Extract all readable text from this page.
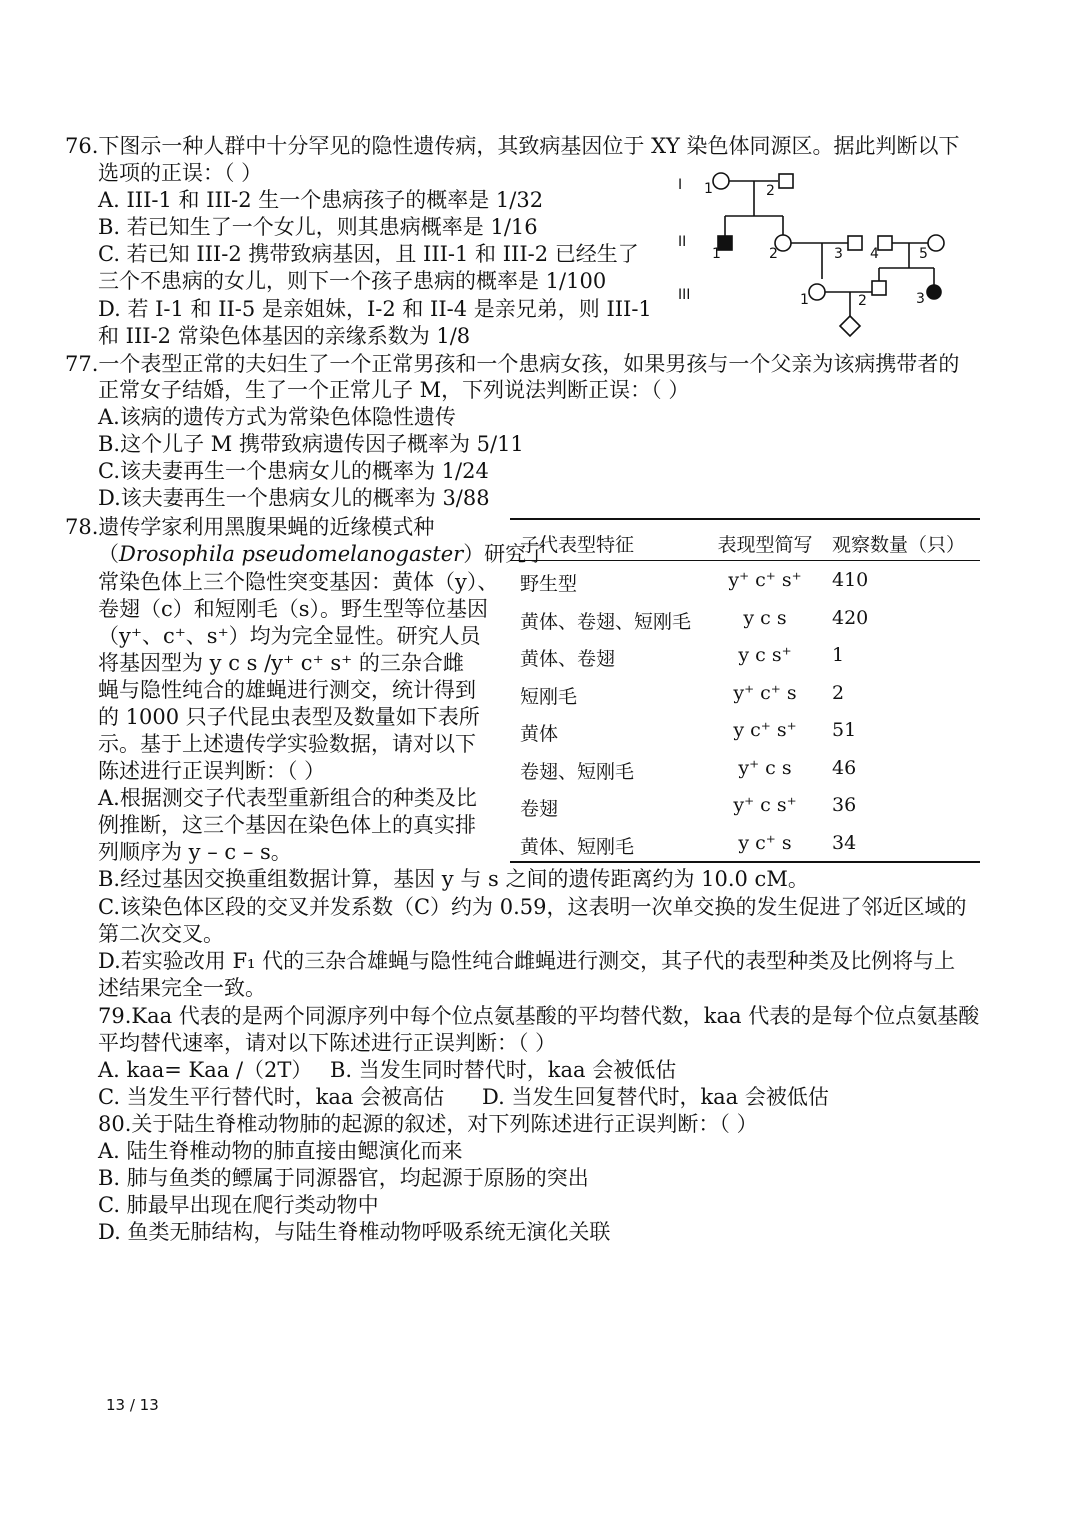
76.下图示一种人群中十分罕见的隐性遗传病，其致病基因位于 XY 染色体同源区。据此判断以下
选项的正误：（ ）
A. III-1 和 III-2 生一个患病孩子的概率是 1/32
B. 若已知生了一个女儿，则其患病概率是 1/16
C. 若已知 III-2 携带致病基因，且 III-1 和 III-2 已经生了
三个不患病的女儿，则下一个孩子患病的概率是 1/100
D. 若 I-1 和 II-5 是亲姐妹，I-2 和 II-4 是亲兄弟，则 III-1
和 III-2 常染色体基因的亲缘系数为 1/8
I
II
III
1	2
1	2	3 4	5
1	2	3
77.一个表型正常的夫妇生了一个正常男孩和一个患病女孩，如果男孩与一个父亲为该病携带者的
正常女子结婚，生了一个正常儿子 M，下列说法判断正误：（ ）
A.该病的遗传方式为常染色体隐性遗传
B.这个儿子 M 携带致病遗传因子概率为 5/11
C.该夫妻再生一个患病女儿的概率为 1/24
D.该夫妻再生一个患病女儿的概率为 3/88
78.遗传学家利用黑腹果蝇的近缘模式种
（Drosophila pseudomelanogaster）研究了
常染色体上三个隐性突变基因：黄体（y）、
卷翅（c）和短刚毛（s）。野生型等位基因
（y⁺、c⁺、s⁺）均为完全显性。研究人员
将基因型为 y c s /y⁺ c⁺ s⁺ 的三杂合雌
蝇与隐性纯合的雄蝇进行测交，统计得到
的 1000 只子代昆虫表型及数量如下表所
示。基于上述遗传学实验数据，请对以下
陈述进行正误判断：（ ）
A.根据测交子代表型重新组合的种类及比
例推断，这三个基因在染色体上的真实排
列顺序为 y – c – s。
B.经过基因交换重组数据计算，基因 y 与 s 之间的遗传距离约为 10.0 cM。
C.该染色体区段的交叉并发系数（C）约为 0.59，这表明一次单交换的发生促进了邻近区域的
第二次交叉。
D.若实验改用 F₁ 代的三杂合雄蝇与隐性纯合雌蝇进行测交，其子代的表型种类及比例将与上
述结果完全一致。
子代表型特征	表现型简写	观察数量（只）
野生型	y⁺ c⁺ s⁺	410
黄体、卷翅、短刚毛	y c s	420
黄体、卷翅	y c s⁺	1
短刚毛	y⁺ c⁺ s	2
黄体	y c⁺ s⁺	51
卷翅、短刚毛	y⁺ c s	46
卷翅	y⁺ c s⁺	36
黄体、短刚毛	y c⁺ s	34
79.Kaa 代表的是两个同源序列中每个位点氨基酸的平均替代数，kaa 代表的是每个位点氨基酸
平均替代速率，请对以下陈述进行正误判断：（ ）
A. kaa= Kaa /（2T） B. 当发生同时替代时，kaa 会被低估
C. 当发生平行替代时，kaa 会被高估 D. 当发生回复替代时，kaa 会被低估
80.关于陆生脊椎动物肺的起源的叙述，对下列陈述进行正误判断：（ ）
A. 陆生脊椎动物的肺直接由鳃演化而来
B. 肺与鱼类的鳔属于同源器官，均起源于原肠的突出
C. 肺最早出现在爬行类动物中
D. 鱼类无肺结构，与陆生脊椎动物呼吸系统无演化关联
13 / 13
